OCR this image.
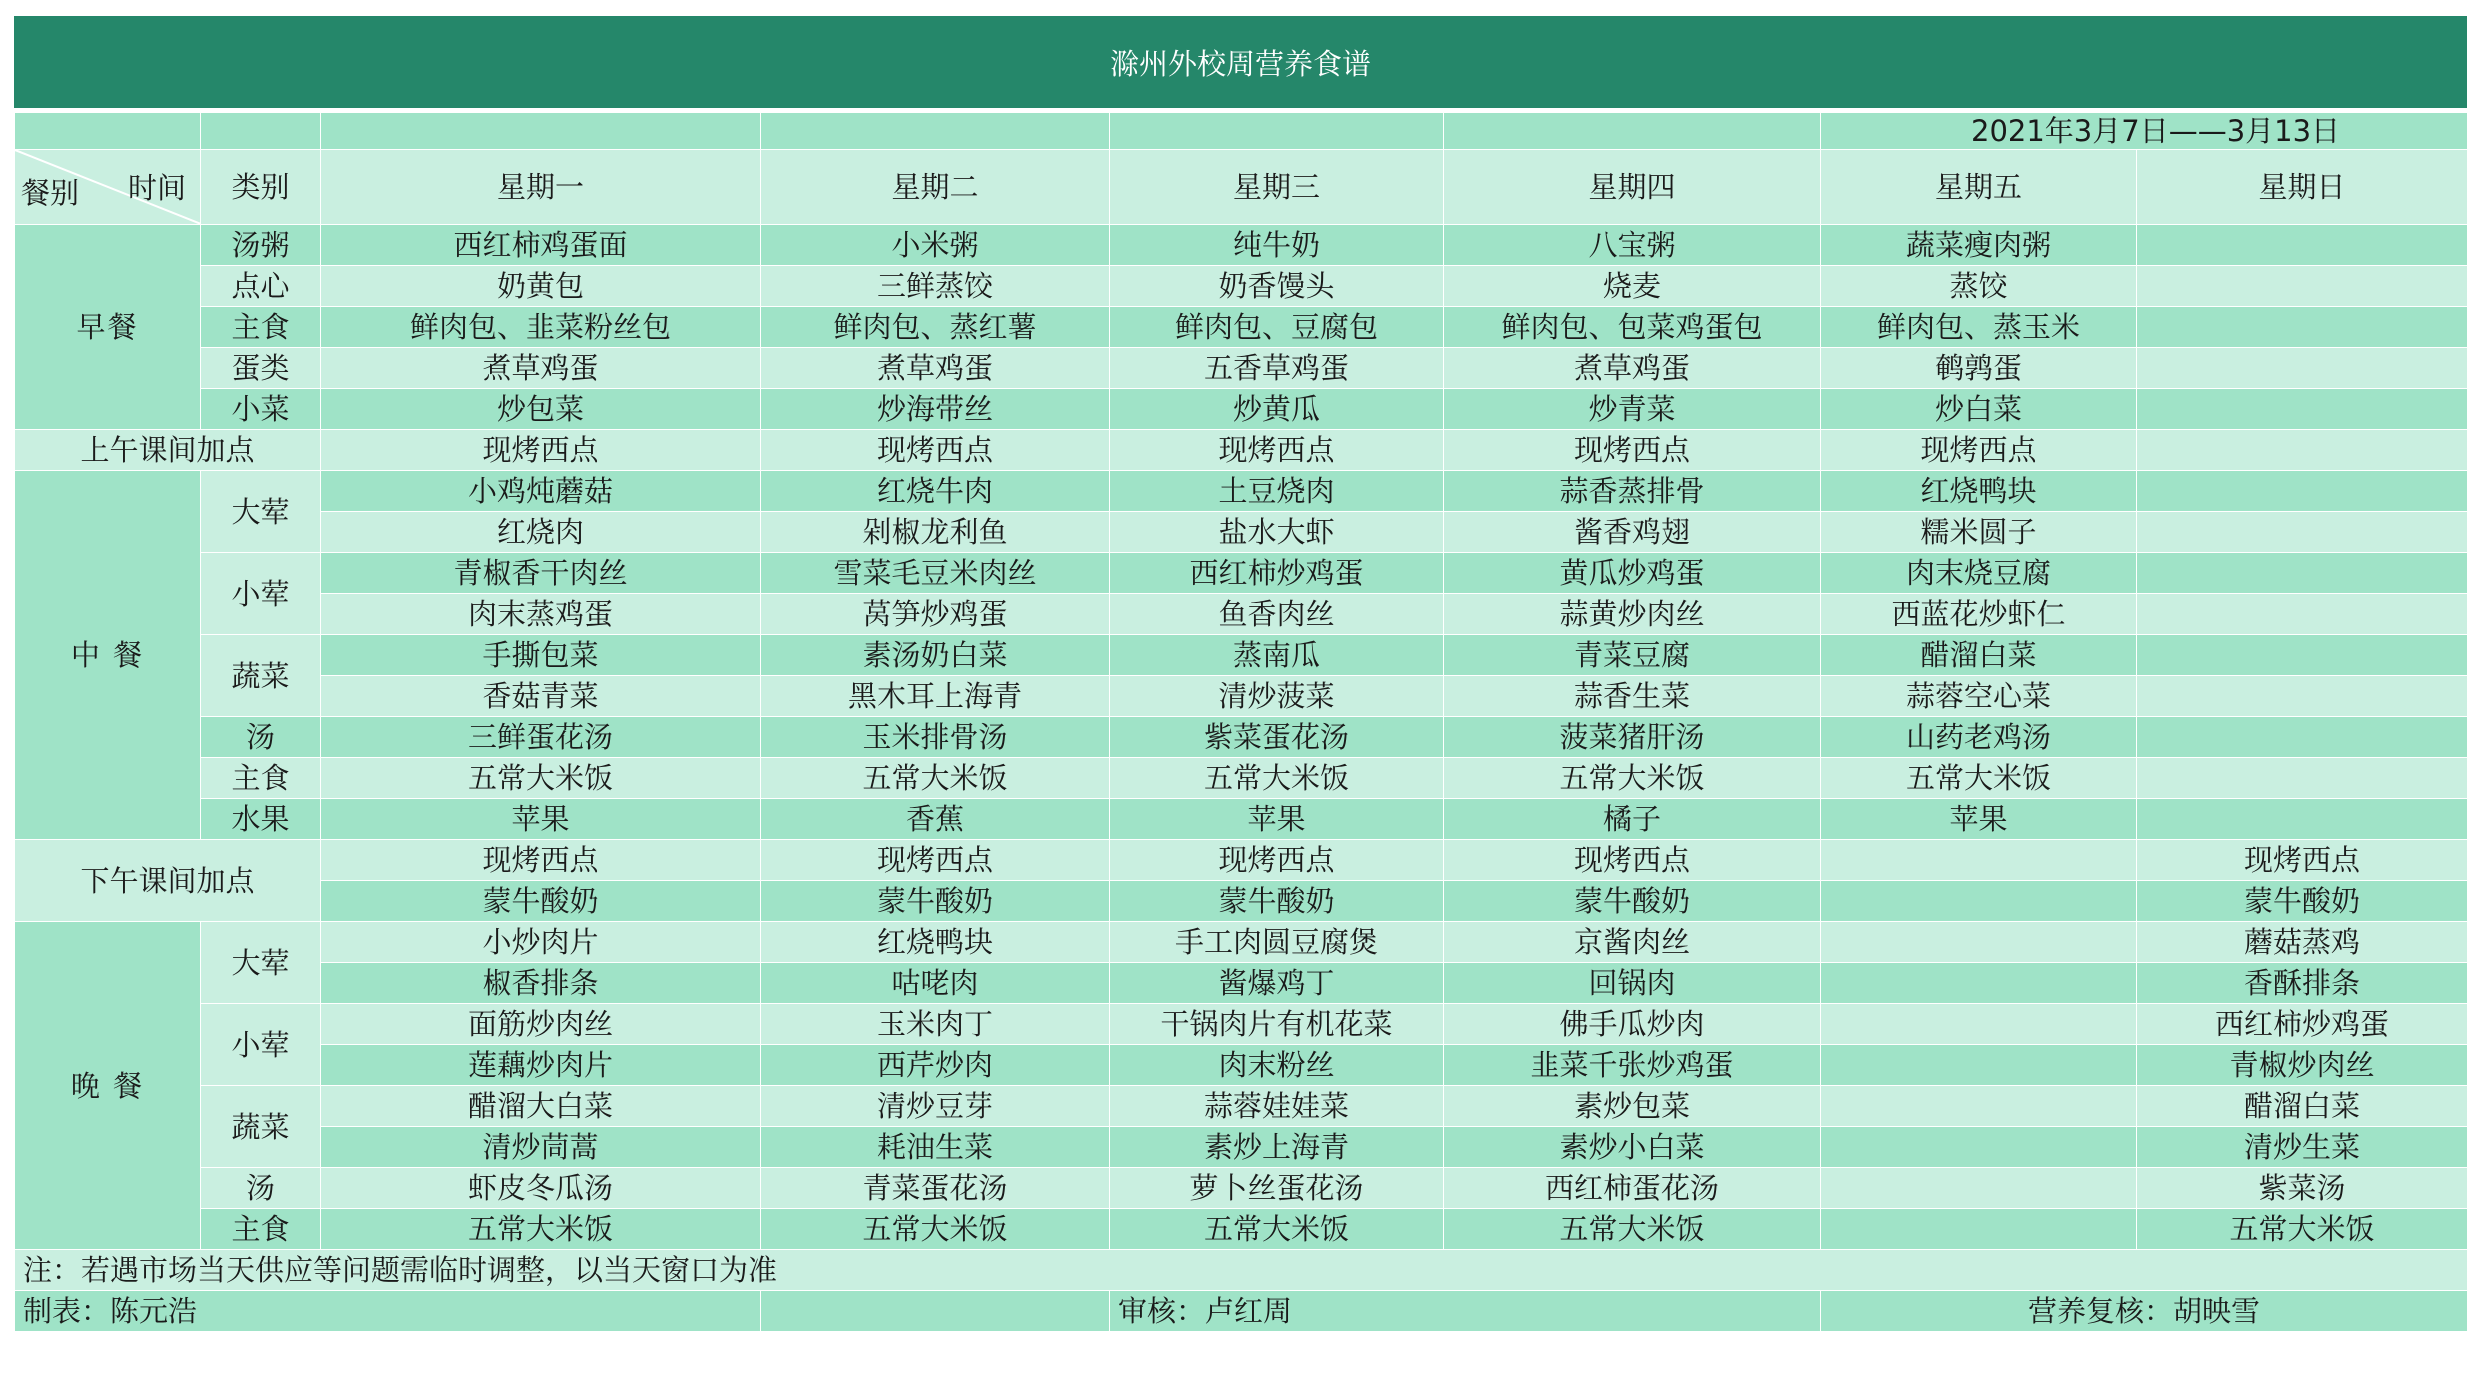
滁州外校周营养食谱
						2021年3月7日——3月13日	

餐别 时间	类别	星期一	星期二	星期三	星期四	星期五	星期日
早餐	汤粥	西红柿鸡蛋面	小米粥	纯牛奶	八宝粥	蔬菜瘦肉粥	
	点心	奶黄包	三鲜蒸饺	奶香馒头	烧麦	蒸饺	
	主食	鲜肉包、韭菜粉丝包	鲜肉包、蒸红薯	鲜肉包、豆腐包	鲜肉包、包菜鸡蛋包	鲜肉包、蒸玉米	
	蛋类	煮草鸡蛋	煮草鸡蛋	五香草鸡蛋	煮草鸡蛋	鹌鹑蛋	
	小菜	炒包菜	炒海带丝	炒黄瓜	炒青菜	炒白菜	
上午课间加点		现烤西点	现烤西点	现烤西点	现烤西点	现烤西点	
中 餐	大荤	小鸡炖蘑菇	红烧牛肉	土豆烧肉	蒜香蒸排骨	红烧鸭块	
		红烧肉	剁椒龙利鱼	盐水大虾	酱香鸡翅	糯米圆子	
	小荤	青椒香干肉丝	雪菜毛豆米肉丝	西红柿炒鸡蛋	黄瓜炒鸡蛋	肉末烧豆腐	
		肉末蒸鸡蛋	莴笋炒鸡蛋	鱼香肉丝	蒜黄炒肉丝	西蓝花炒虾仁	
	蔬菜	手撕包菜	素汤奶白菜	蒸南瓜	青菜豆腐	醋溜白菜	
		香菇青菜	黑木耳上海青	清炒菠菜	蒜香生菜	蒜蓉空心菜	
	汤	三鲜蛋花汤	玉米排骨汤	紫菜蛋花汤	菠菜猪肝汤	山药老鸡汤	
	主食	五常大米饭	五常大米饭	五常大米饭	五常大米饭	五常大米饭	
	水果	苹果	香蕉	苹果	橘子	苹果	
下午课间加点		现烤西点	现烤西点	现烤西点	现烤西点		现烤西点
		蒙牛酸奶	蒙牛酸奶	蒙牛酸奶	蒙牛酸奶		蒙牛酸奶
晚 餐	大荤	小炒肉片	红烧鸭块	手工肉圆豆腐煲	京酱肉丝		蘑菇蒸鸡
		椒香排条	咕咾肉	酱爆鸡丁	回锅肉		香酥排条
	小荤	面筋炒肉丝	玉米肉丁	干锅肉片有机花菜	佛手瓜炒肉		西红柿炒鸡蛋
		莲藕炒肉片	西芹炒肉	肉末粉丝	韭菜千张炒鸡蛋		青椒炒肉丝
	蔬菜	醋溜大白菜	清炒豆芽	蒜蓉娃娃菜	素炒包菜		醋溜白菜
		清炒茼蒿	耗油生菜	素炒上海青	素炒小白菜		清炒生菜
	汤	虾皮冬瓜汤	青菜蛋花汤	萝卜丝蛋花汤	西红柿蛋花汤		紫菜汤
	主食	五常大米饭	五常大米饭	五常大米饭	五常大米饭		五常大米饭
注：若遇市场当天供应等问题需临时调整，以当天窗口为准							
制表：陈元浩				审核：卢红周		营养复核：胡映雪	
